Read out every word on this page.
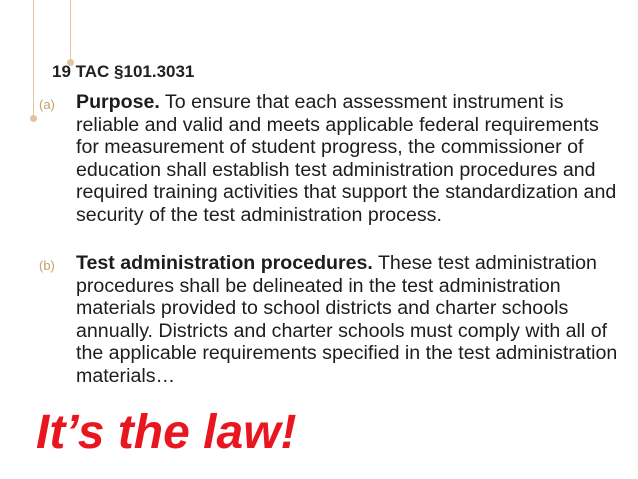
19 TAC §101.3031

(a) Purpose. To ensure that each assessment instrument is reliable and valid and meets applicable federal requirements for measurement of student progress, the commissioner of education shall establish test administration procedures and required training activities that support the standardization and security of the test administration process.

(b) Test administration procedures. These test administration procedures shall be delineated in the test administration materials provided to school districts and charter schools annually. Districts and charter schools must comply with all of the applicable requirements specified in the test administration materials…

It’s the law!
